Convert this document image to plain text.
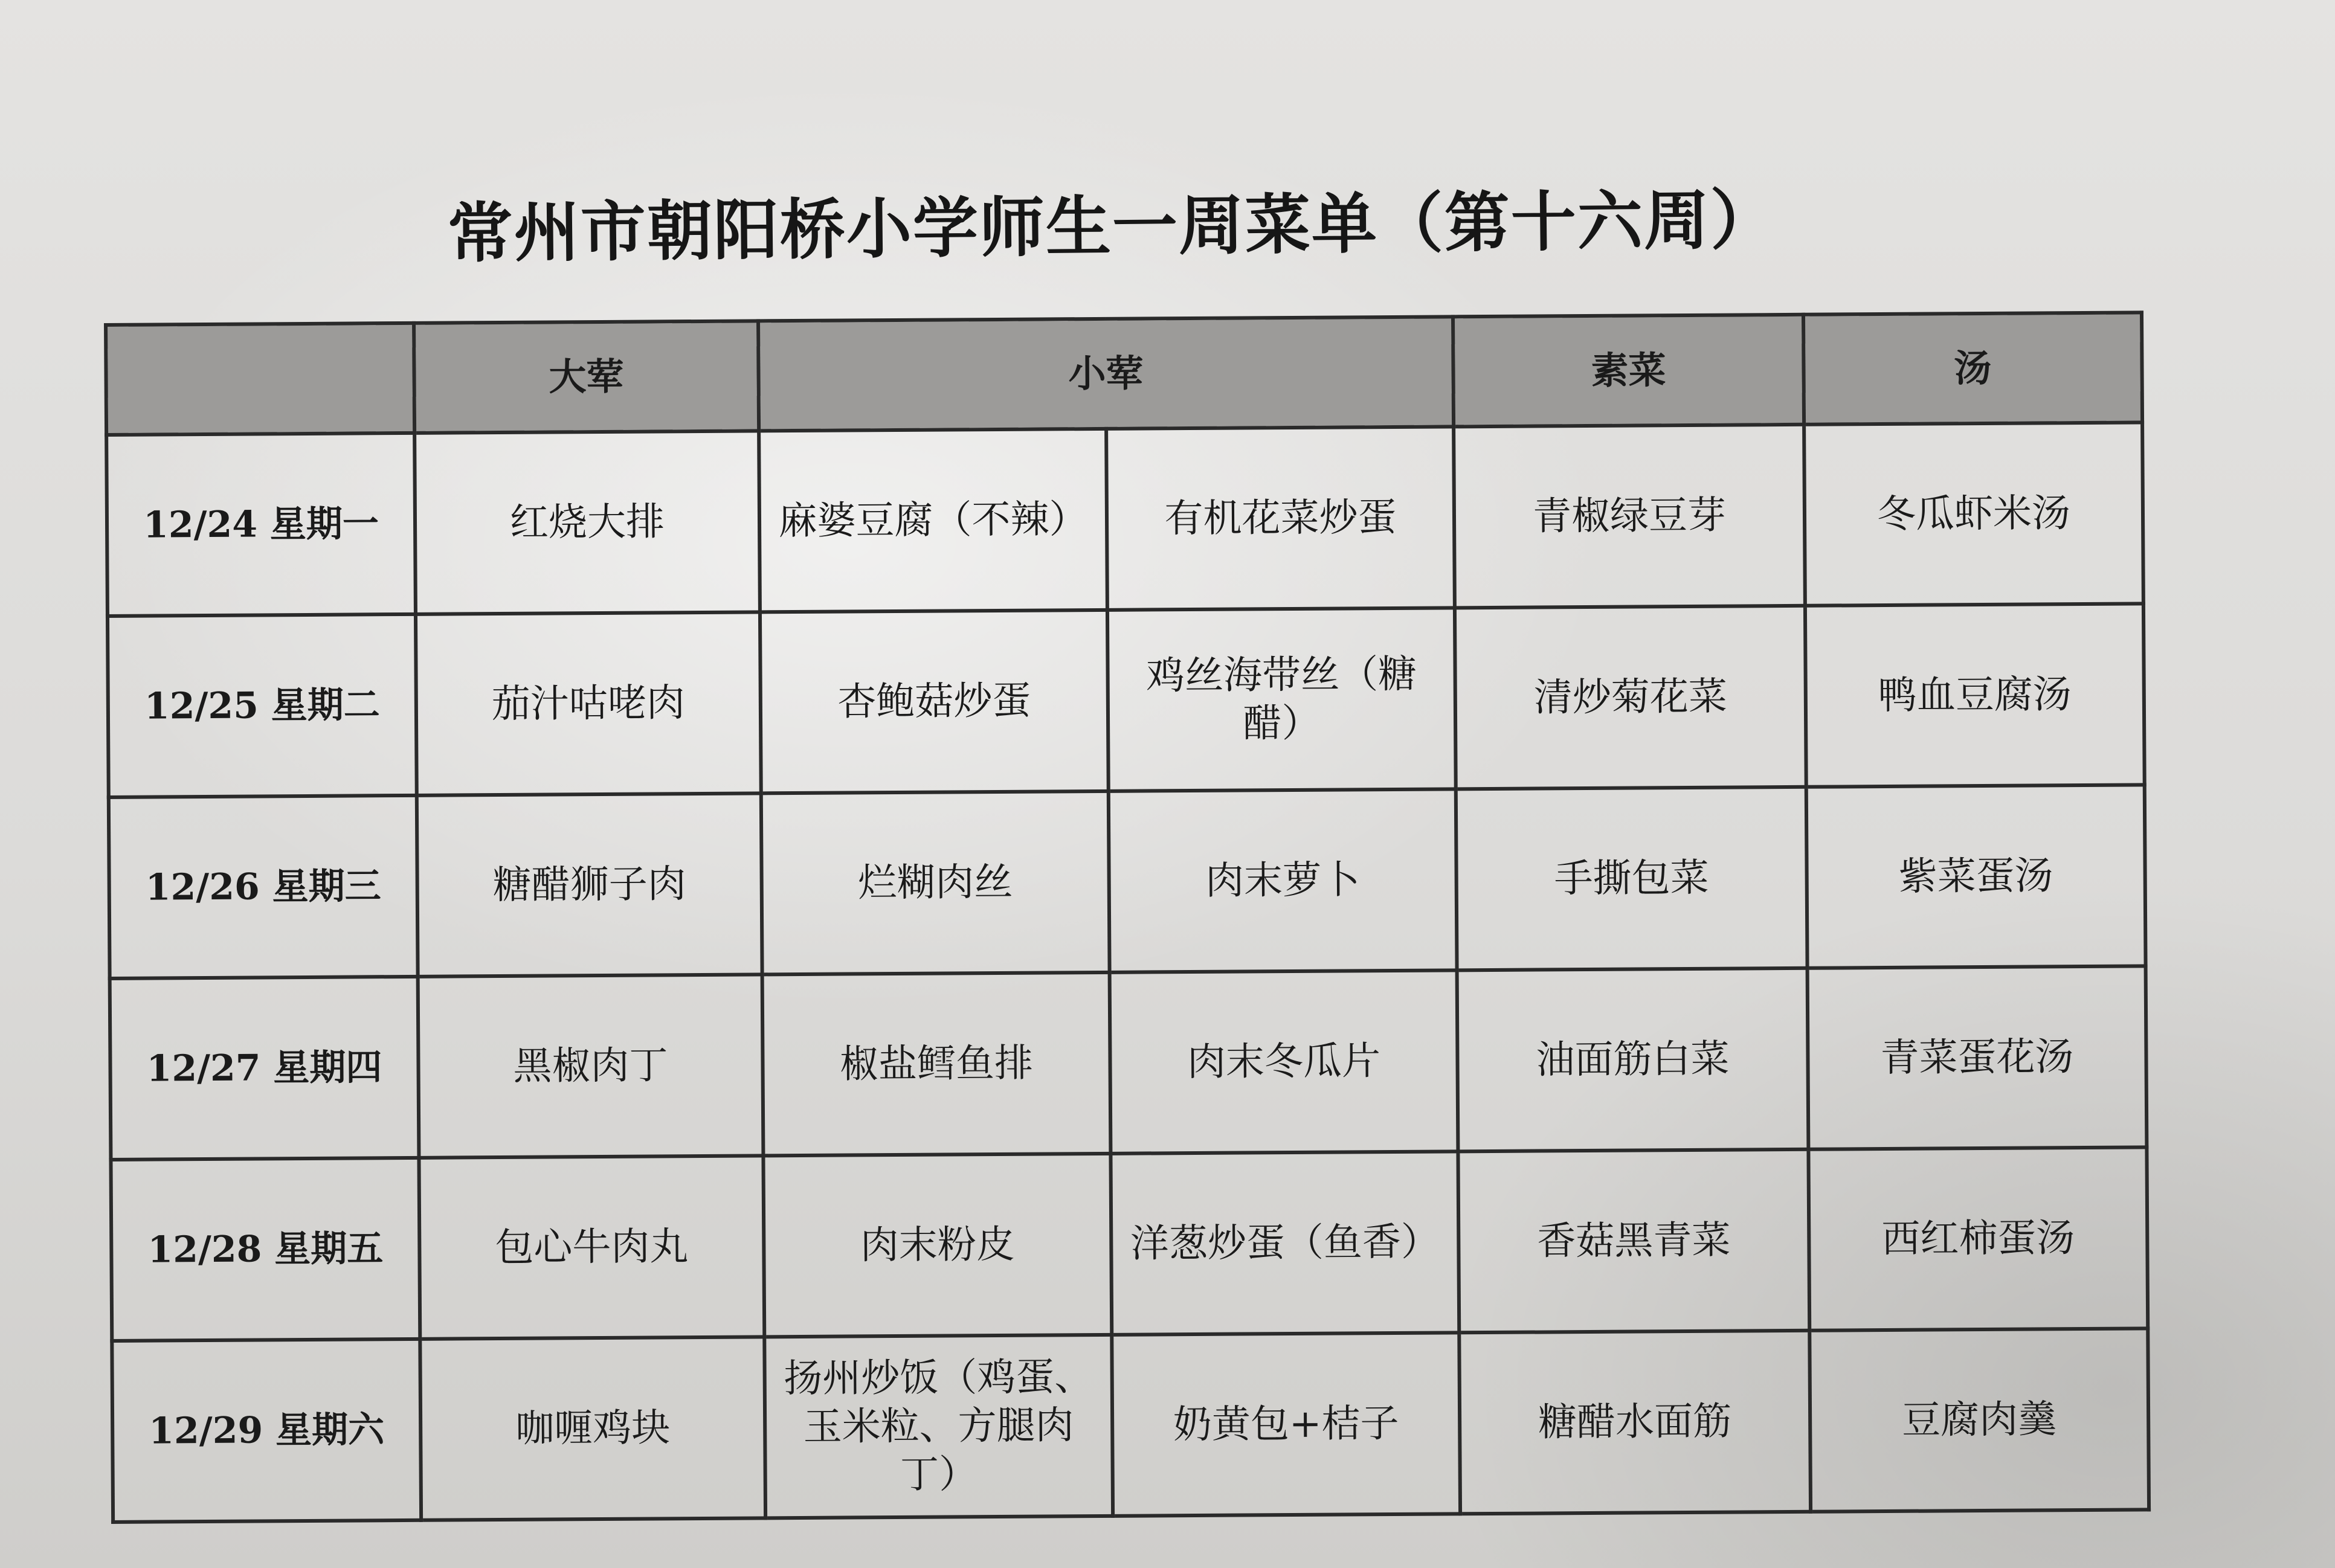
常州市朝阳桥小学师生一周菜单（第十六周）
	大荤	小荤		素菜	汤
12/24 星期一	红烧大排	麻婆豆腐（不辣）	有机花菜炒蛋	青椒绿豆芽	冬瓜虾米汤
12/25 星期二	茄汁咕咾肉	杏鲍菇炒蛋	鸡丝海带丝（糖醋）	清炒菊花菜	鸭血豆腐汤
12/26 星期三	糖醋狮子肉	烂糊肉丝	肉末萝卜	手撕包菜	紫菜蛋汤
12/27 星期四	黑椒肉丁	椒盐鳕鱼排	肉末冬瓜片	油面筋白菜	青菜蛋花汤
12/28 星期五	包心牛肉丸	肉末粉皮	洋葱炒蛋（鱼香）	香菇黑青菜	西红柿蛋汤
12/29 星期六	咖喱鸡块	扬州炒饭（鸡蛋、玉米粒、方腿肉丁）	奶黄包+桔子	糖醋水面筋	豆腐肉羹
